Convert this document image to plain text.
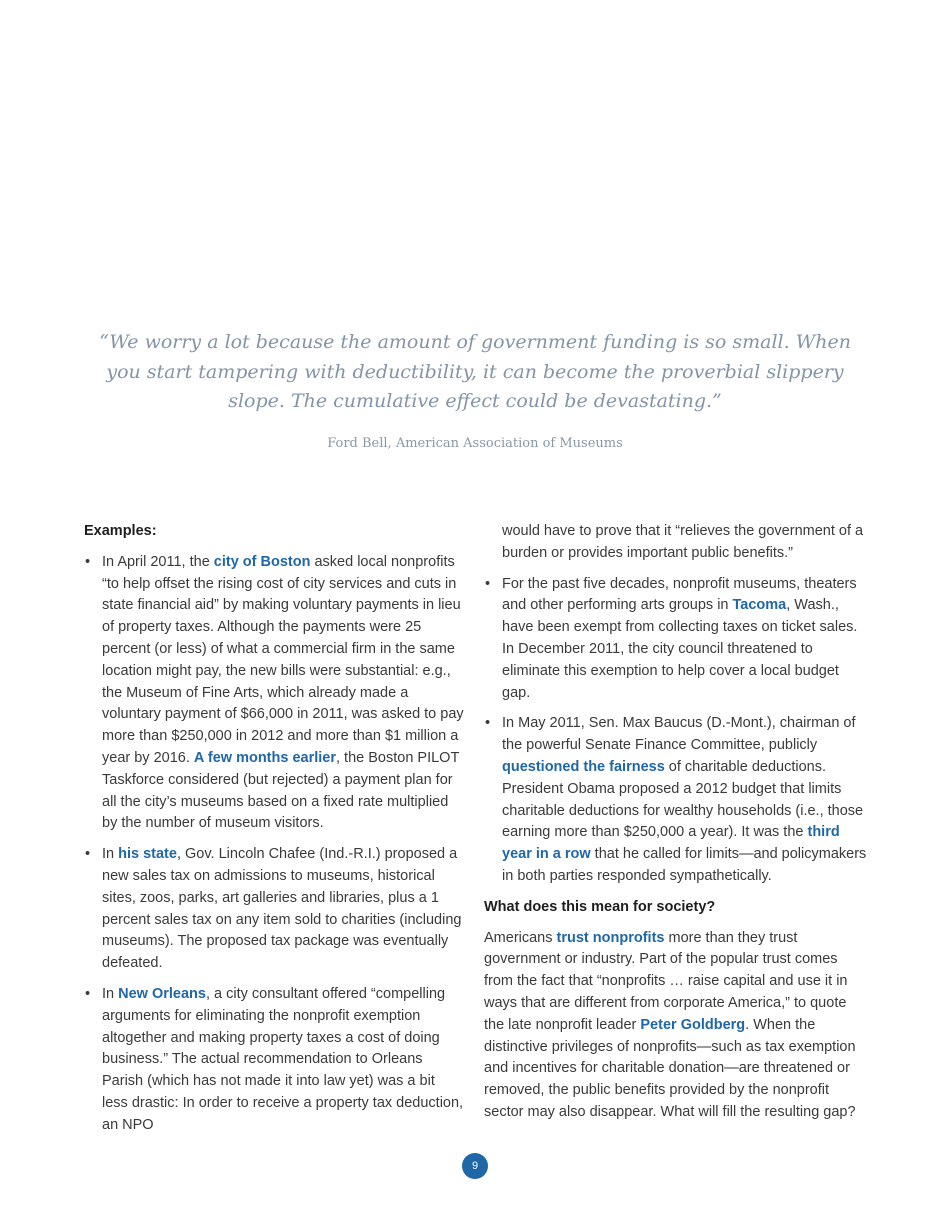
“We worry a lot because the amount of government funding is so small. When you start tampering with deductibility, it can become the proverbial slippery slope. The cumulative effect could be devastating.”

Ford Bell, American Association of Museums

Examples:
• In April 2011, the city of Boston asked local nonprofits “to help offset the rising cost of city services and cuts in state financial aid” by making voluntary payments in lieu of property taxes. Although the payments were 25 percent (or less) of what a commercial firm in the same location might pay, the new bills were substantial: e.g., the Museum of Fine Arts, which already made a voluntary payment of $66,000 in 2011, was asked to pay more than $250,000 in 2012 and more than $1 million a year by 2016. A few months earlier, the Boston PILOT Taskforce considered (but rejected) a payment plan for all the city’s museums based on a fixed rate multiplied by the number of museum visitors.
• In his state, Gov. Lincoln Chafee (Ind.-R.I.) proposed a new sales tax on admissions to museums, historical sites, zoos, parks, art galleries and libraries, plus a 1 percent sales tax on any item sold to charities (including museums). The proposed tax package was eventually defeated.
• In New Orleans, a city consultant offered “compelling arguments for eliminating the nonprofit exemption altogether and making property taxes a cost of doing business.” The actual recommendation to Orleans Parish (which has not made it into law yet) was a bit less drastic: In order to receive a property tax deduction, an NPO

would have to prove that it “relieves the government of a burden or provides important public benefits.”

• For the past five decades, nonprofit museums, theaters and other performing arts groups in Tacoma, Wash., have been exempt from collecting taxes on ticket sales. In December 2011, the city council threatened to eliminate this exemption to help cover a local budget gap.
• In May 2011, Sen. Max Baucus (D.-Mont.), chairman of the powerful Senate Finance Committee, publicly questioned the fairness of charitable deductions. President Obama proposed a 2012 budget that limits charitable deductions for wealthy households (i.e., those earning more than $250,000 a year). It was the third year in a row that he called for limits—and policymakers in both parties responded sympathetically.
What does this mean for society?

Americans trust nonprofits more than they trust government or industry. Part of the popular trust comes from the fact that “nonprofits … raise capital and use it in ways that are different from corporate America,” to quote the late nonprofit leader Peter Goldberg. When the distinctive privileges of nonprofits—such as tax exemption and incentives for charitable donation—are threatened or removed, the public benefits provided by the nonprofit sector may also disappear. What will fill the resulting gap?

9
